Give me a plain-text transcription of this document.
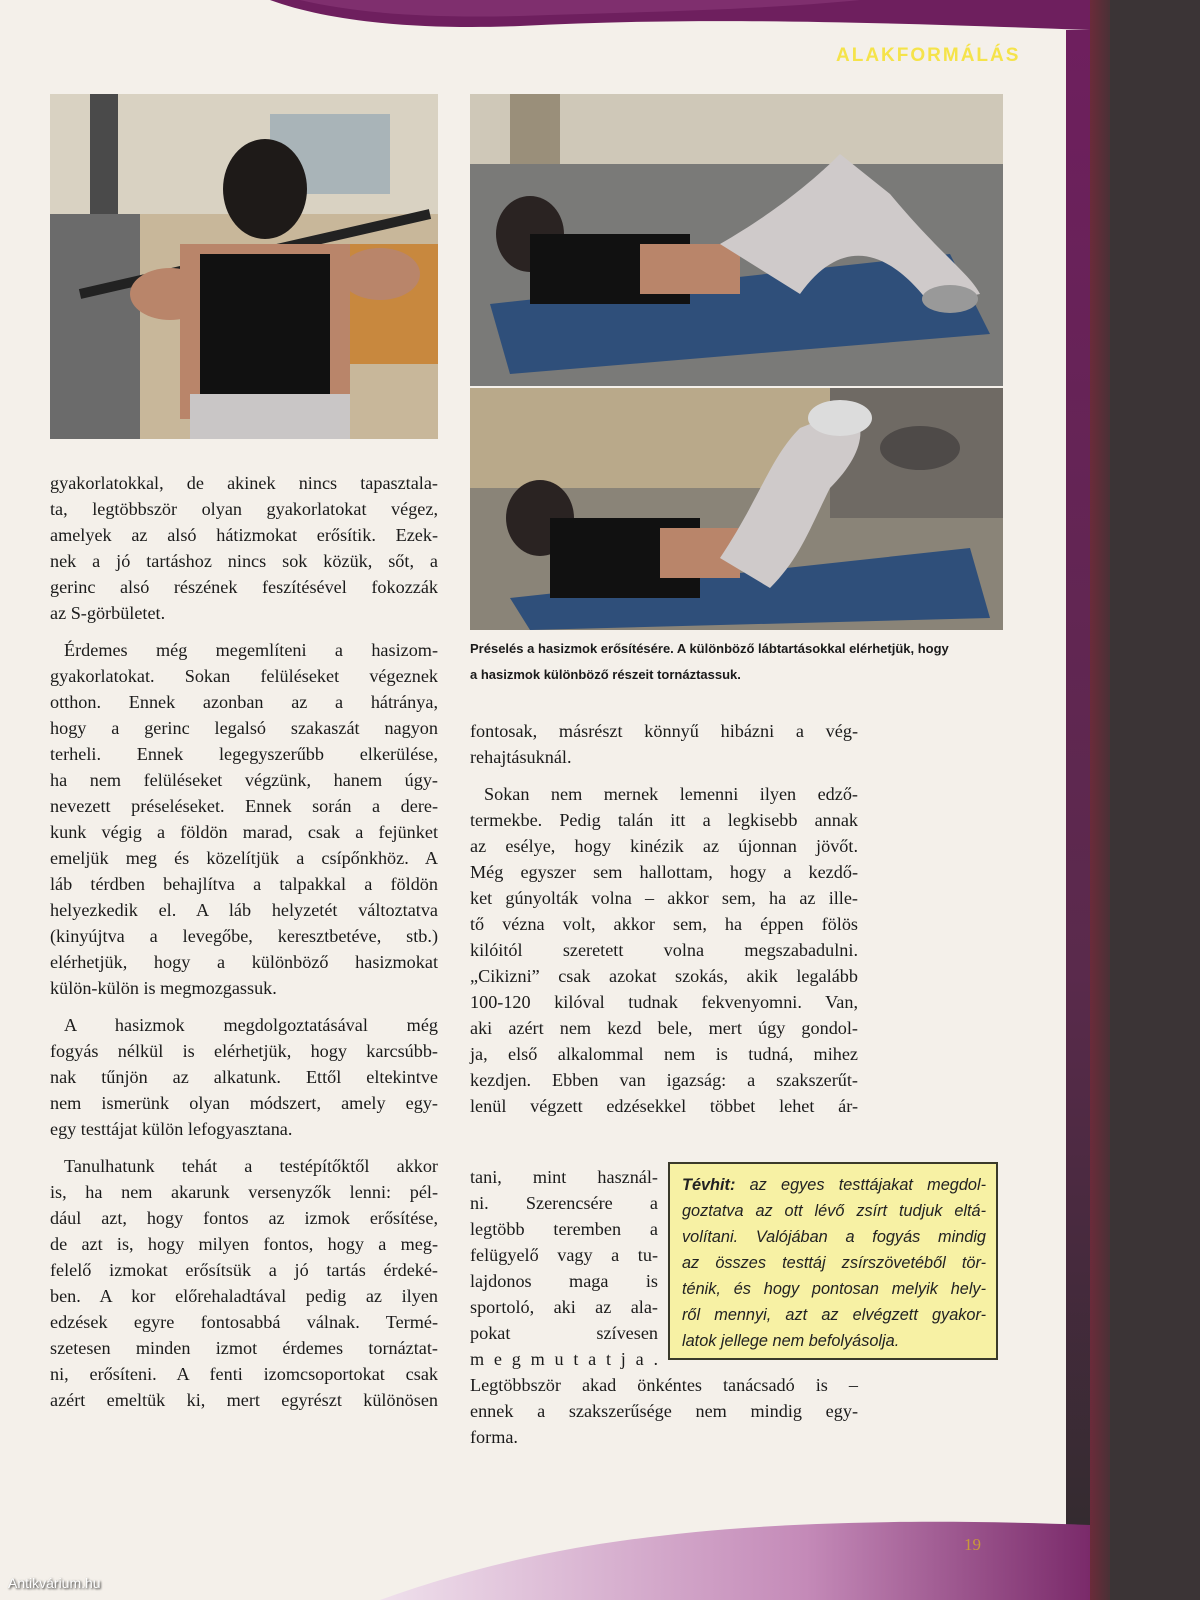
ALAKFORMÁLÁS
Préselés a hasizmok erősítésére. A különböző lábtartásokkal elérhetjük, hogy
a hasizmok különböző részeit tornáztassuk.
gyakorlatokkal, de akinek nincs tapasztala-
ta, legtöbbször olyan gyakorlatokat végez,
amelyek az alsó hátizmokat erősítik. Ezek-
nek a jó tartáshoz nincs sok közük, sőt, a
gerinc alsó részének feszítésével fokozzák
az S-görbületet.
Érdemes még megemlíteni a hasizom-
gyakorlatokat. Sokan felüléseket végeznek
otthon. Ennek azonban az a hátránya,
hogy a gerinc legalsó szakaszát nagyon
terheli. Ennek legegyszerűbb elkerülése,
ha nem felüléseket végzünk, hanem úgy-
nevezett préseléseket. Ennek során a dere-
kunk végig a földön marad, csak a fejünket
emeljük meg és közelítjük a csípőnkhöz. A
láb térdben behajlítva a talpakkal a földön
helyezkedik el. A láb helyzetét változtatva
(kinyújtva a levegőbe, keresztbetéve, stb.)
elérhetjük, hogy a különböző hasizmokat
külön-külön is megmozgassuk.
A hasizmok megdolgoztatásával még
fogyás nélkül is elérhetjük, hogy karcsúbb-
nak tűnjön az alkatunk. Ettől eltekintve
nem ismerünk olyan módszert, amely egy-
egy testtájat külön lefogyasztana.
Tanulhatunk tehát a testépítőktől akkor
is, ha nem akarunk versenyzők lenni: pél-
dául azt, hogy fontos az izmok erősítése,
de azt is, hogy milyen fontos, hogy a meg-
felelő izmokat erősítsük a jó tartás érdeké-
ben. A kor előrehaladtával pedig az ilyen
edzések egyre fontosabbá válnak. Termé-
szetesen minden izmot érdemes tornáztat-
ni, erősíteni. A fenti izomcsoportokat csak
azért emeltük ki, mert egyrészt különösen
fontosak, másrészt könnyű hibázni a vég-
rehajtásuknál.
Sokan nem mernek lemenni ilyen edző-
termekbe. Pedig talán itt a legkisebb annak
az esélye, hogy kinézik az újonnan jövőt.
Még egyszer sem hallottam, hogy a kezdő-
ket gúnyolták volna – akkor sem, ha az ille-
tő vézna volt, akkor sem, ha éppen fölös
kilóitól szeretett volna megszabadulni.
„Cikizni” csak azokat szokás, akik legalább
100-120 kilóval tudnak fekvenyomni. Van,
aki azért nem kezd bele, mert úgy gondol-
ja, első alkalommal nem is tudná, mihez
kezdjen. Ebben van igazság: a szakszerűt-
lenül végzett edzésekkel többet lehet ár-
tani, mint használ-
ni. Szerencsére a
legtöbb teremben a
felügyelő vagy a tu-
lajdonos maga is
sportoló, aki az ala-
pokat szívesen
m e g m u t a t j a .
Legtöbbször akad önkéntes tanácsadó is –
ennek a szakszerűsége nem mindig egy-
forma.
Tévhit: az egyes testtájakat megdol-
goztatva az ott lévő zsírt tudjuk eltá-
volítani. Valójában a fogyás mindig
az összes testtáj zsírszövetéből tör-
ténik, és hogy pontosan melyik hely-
ről mennyi, azt az elvégzett gyakor-
latok jellege nem befolyásolja.
19
Antikvárium.hu
